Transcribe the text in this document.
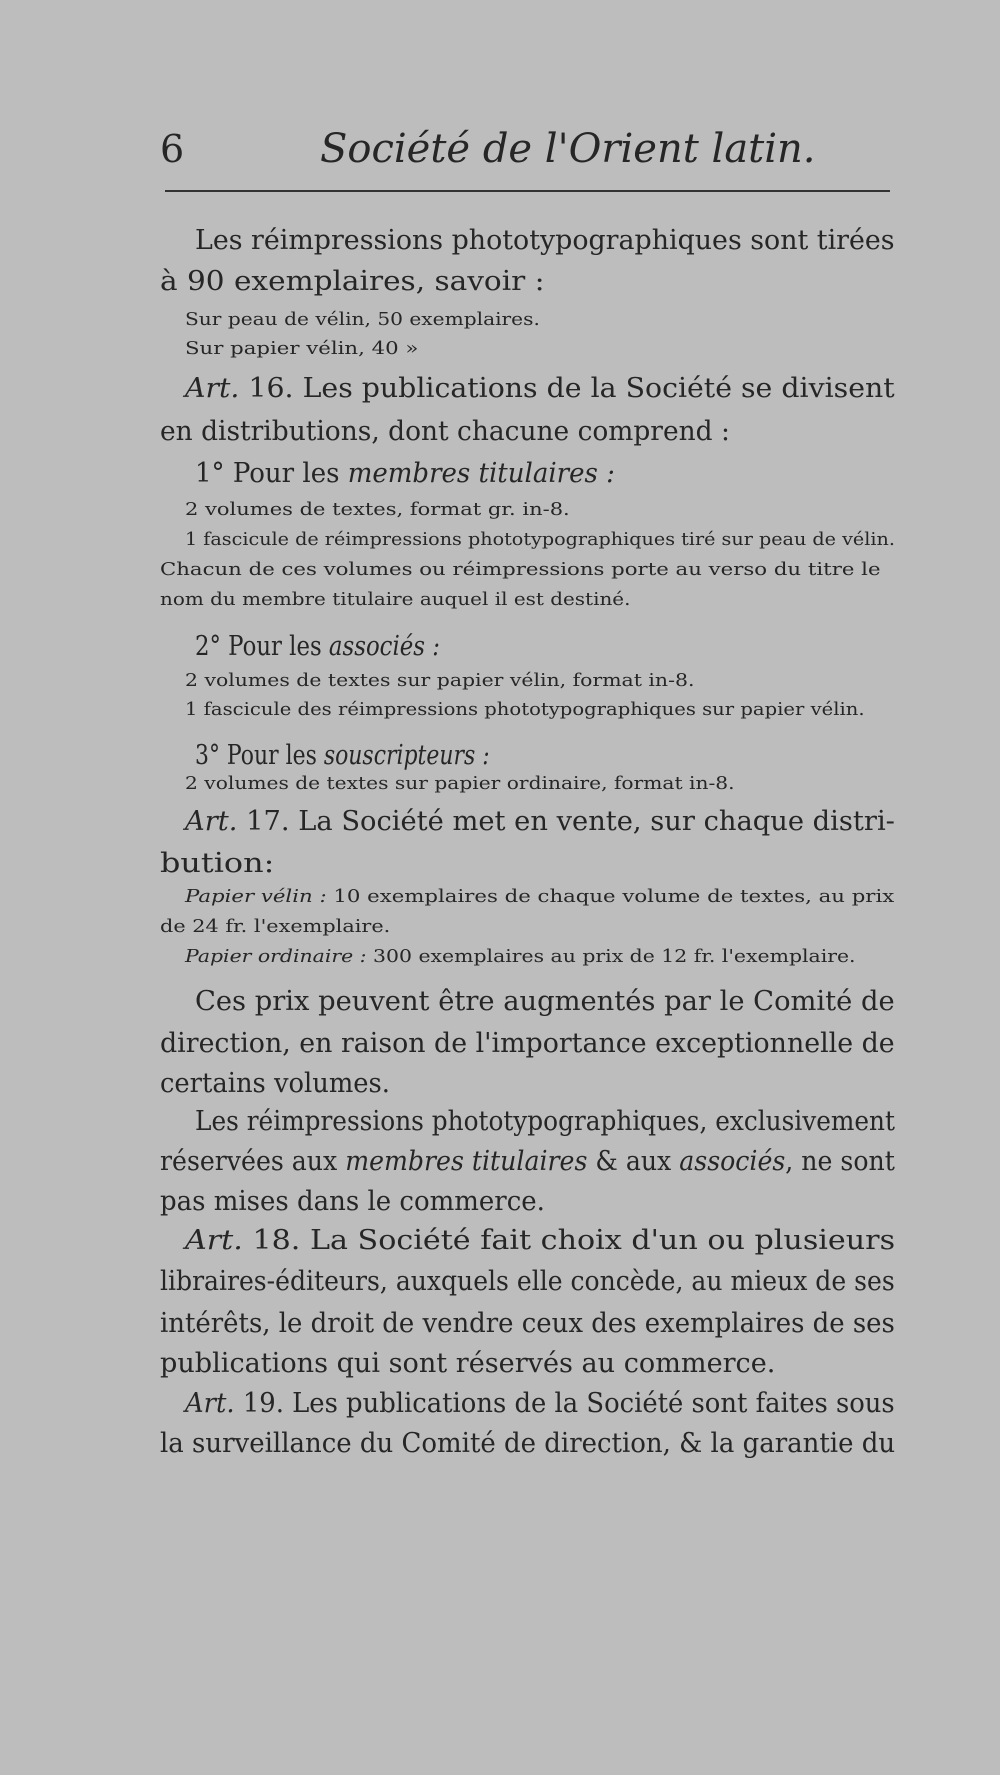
6	Société de l'Orient latin.

Les réimpressions phototypographiques sont tirées

à 90 exemplaires, savoir :

Sur peau de vélin, 50 exemplaires.

Sur papier vélin, 40 »

Art. 16. Les publications de la Société se divisent

en distributions, dont chacune comprend :

1° Pour les membres titulaires :

2 volumes de textes, format gr. in-8.

1 fascicule de réimpressions phototypographiques tiré sur peau de vélin.

Chacun de ces volumes ou réimpressions porte au verso du titre le

nom du membre titulaire auquel il est destiné.

2° Pour les associés :

2 volumes de textes sur papier vélin, format in-8.

1 fascicule des réimpressions phototypographiques sur papier vélin.

3° Pour les souscripteurs :

2 volumes de textes sur papier ordinaire, format in-8.

Art. 17. La Société met en vente, sur chaque distri-

bution:

Papier vélin : 10 exemplaires de chaque volume de textes, au prix

de 24 fr. l'exemplaire.

Papier ordinaire : 300 exemplaires au prix de 12 fr. l'exemplaire.

Ces prix peuvent être augmentés par le Comité de

direction, en raison de l'importance exceptionnelle de

certains volumes.

Les réimpressions phototypographiques, exclusivement

réservées aux membres titulaires & aux associés, ne sont

pas mises dans le commerce.

Art. 18. La Société fait choix d'un ou plusieurs

libraires-éditeurs, auxquels elle concède, au mieux de ses

intérêts, le droit de vendre ceux des exemplaires de ses

publications qui sont réservés au commerce.

Art. 19. Les publications de la Société sont faites sous

la surveillance du Comité de direction, & la garantie du
